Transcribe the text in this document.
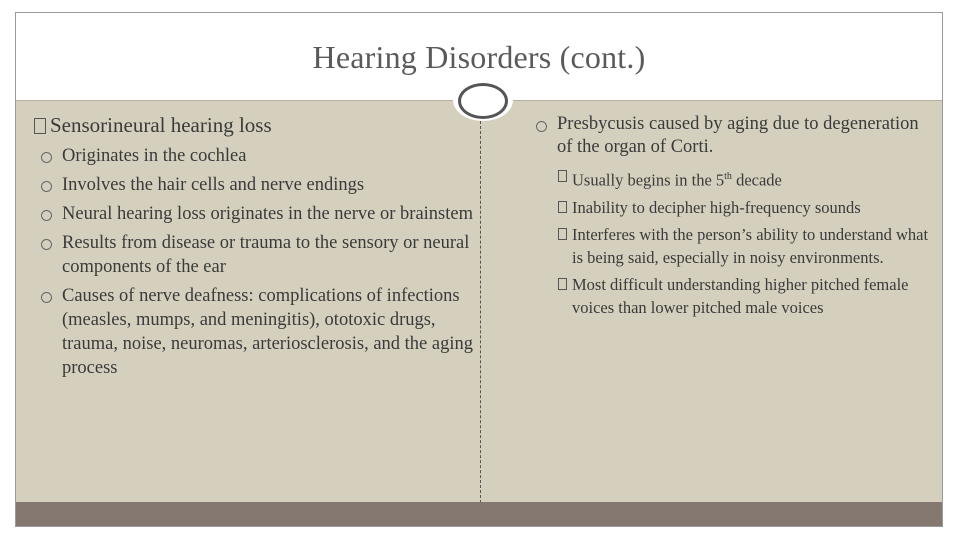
Hearing Disorders (cont.)
Sensorineural hearing loss
Originates in the cochlea
Involves the hair cells and nerve endings
Neural hearing loss originates in the nerve or brainstem
Results from disease or trauma to the sensory or neural components of the ear
Causes of nerve deafness: complications of infections (measles, mumps, and meningitis), ototoxic drugs, trauma, noise, neuromas, arteriosclerosis, and the aging process
Presbycusis caused by aging due to degeneration of the organ of Corti.
Usually begins in the 5th decade
Inability to decipher high-frequency sounds
Interferes with the person’s ability to understand what is being said, especially in noisy environments.
Most difficult understanding higher pitched female voices than lower pitched male voices
